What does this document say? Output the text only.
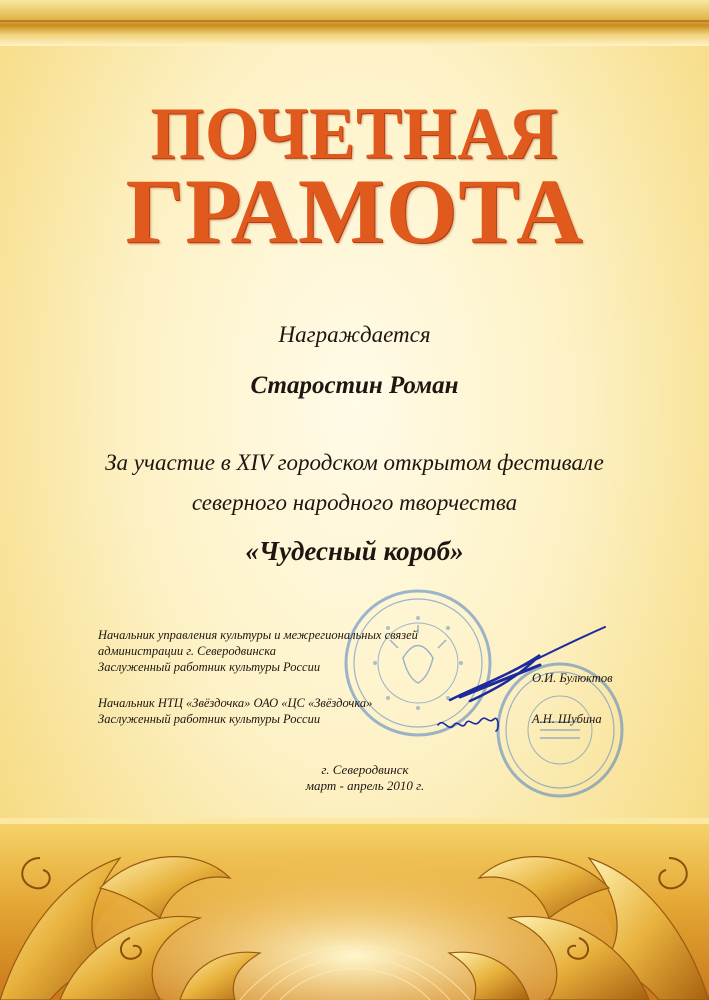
ПОЧЕТНАЯ
ГРАМОТА

Награждается

Старостин Роман

За участие в XIV городском открытом фестивале

северного народного творчества

«Чудесный короб»

Начальник управления культуры и межрегиональных связей
администрации г. Северодвинска
Заслуженный работник культуры России
О.И. Булюктов
Начальник НТЦ «Звёздочка» ОАО «ЦС «Звёздочка»
Заслуженный работник культуры России	А.Н. Шубина
г. Северодвинск
март - апрель 2010 г.
